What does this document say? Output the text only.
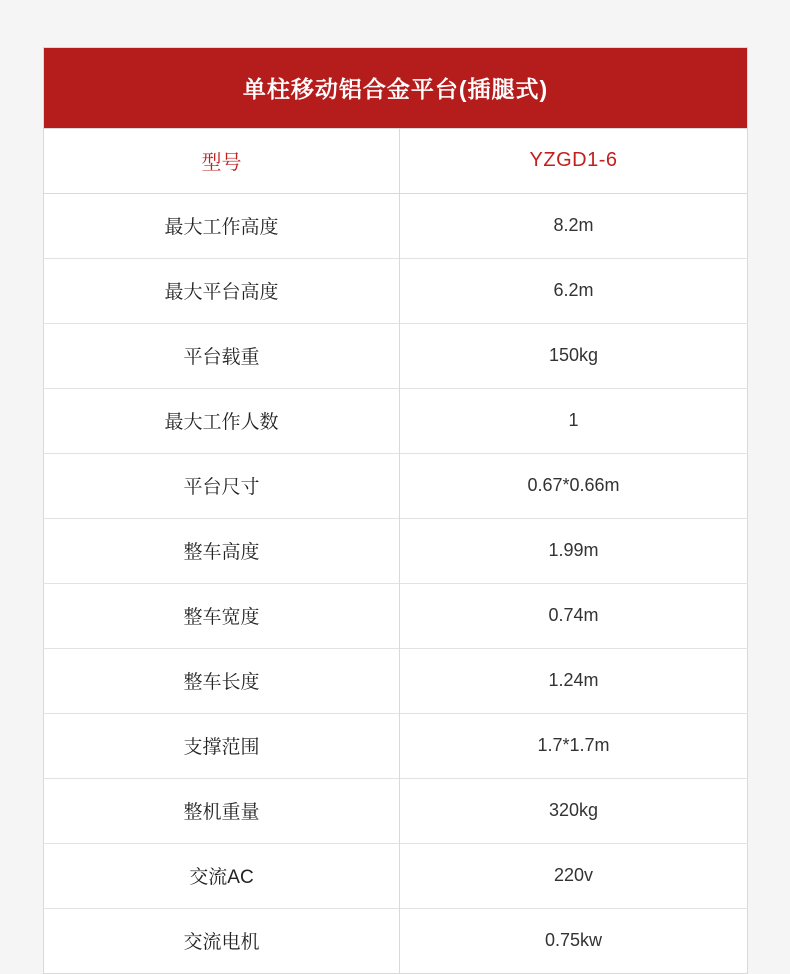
单柱移动铝合金平台(插腿式)	
型号	YZGD1-6
最大工作高度	8.2m
最大平台高度	6.2m
平台载重	150kg
最大工作人数	1
平台尺寸	0.67*0.66m
整车高度	1.99m
整车宽度	0.74m
整车长度	1.24m
支撑范围	1.7*1.7m
整机重量	320kg
交流AC	220v
交流电机	0.75kw
